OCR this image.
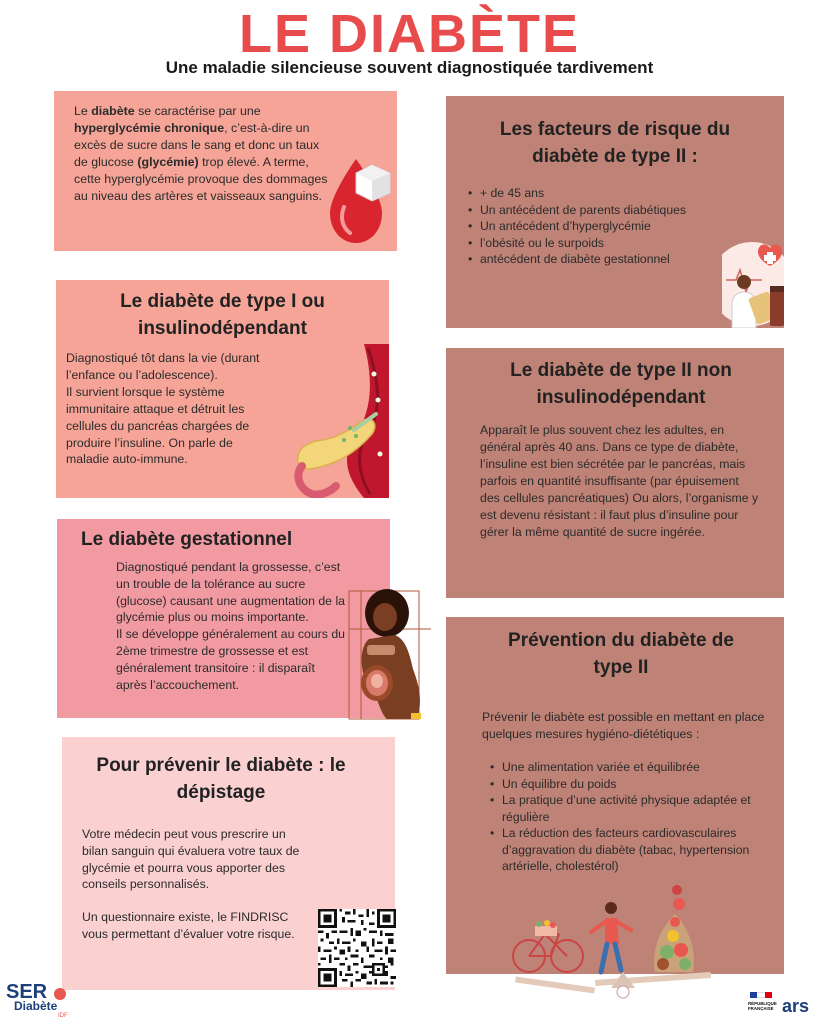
LE DIABÈTE
Une maladie silencieuse souvent diagnostiquée tardivement
Le diabète se caractérise par une hyperglycémie chronique, c’est-à-dire un excès de sucre dans le sang et donc un taux de glucose (glycémie) trop élevé. A terme, cette hyperglycémie provoque des dommages au niveau des artères et vaisseaux sanguins.
Le diabète de type I ou insulinodépendant
Diagnostiqué tôt dans la vie (durant l’enfance ou l’adolescence).
Il survient lorsque le système immunitaire attaque et détruit les cellules du pancréas chargées de produire l’insuline. On parle de maladie auto-immune.
Le diabète gestationnel
Diagnostiqué pendant la grossesse, c’est un trouble de la tolérance au sucre (glucose) causant une augmentation de la glycémie plus ou moins importante.
Il se développe généralement au cours du 2ème trimestre de grossesse et est généralement transitoire : il disparaît après l’accouchement.
Pour prévenir le diabète : le dépistage
Votre médecin peut vous prescrire un bilan sanguin qui évaluera votre taux de glycémie et pourra vous apporter des conseils personnalisés.
Un questionnaire existe, le FINDRISC vous permettant d’évaluer votre risque.
Les facteurs de risque du diabète de type II :
• + de 45 ans
• Un antécédent de parents diabétiques
• Un antécédent d’hyperglycémie
• l’obésité ou le surpoids
• antécédent de diabète gestationnel
Le diabète de type II non insulinodépendant
Apparaît le plus souvent chez les adultes, en général après 40 ans. Dans ce type de diabète, l’insuline est bien sécrétée par le pancréas, mais parfois en quantité insuffisante (par épuisement des cellules pancréatiques) Ou alors, l’organisme y est devenu résistant : il faut plus d’insuline pour gérer la même quantité de sucre ingérée.
Prévention du diabète de type II
Prévenir le diabète est possible en mettant en place quelques mesures hygiéno-diététiques :
• Une alimentation variée et équilibrée
• Un équilibre du poids
• La pratique d’une activité physique adaptée et régulière
• La réduction des facteurs cardiovasculaires d’aggravation du diabète (tabac, hypertension artérielle, cholestérol)
SER
Diabète
IDF
RÉPUBLIQUE FRANÇAISE ars
